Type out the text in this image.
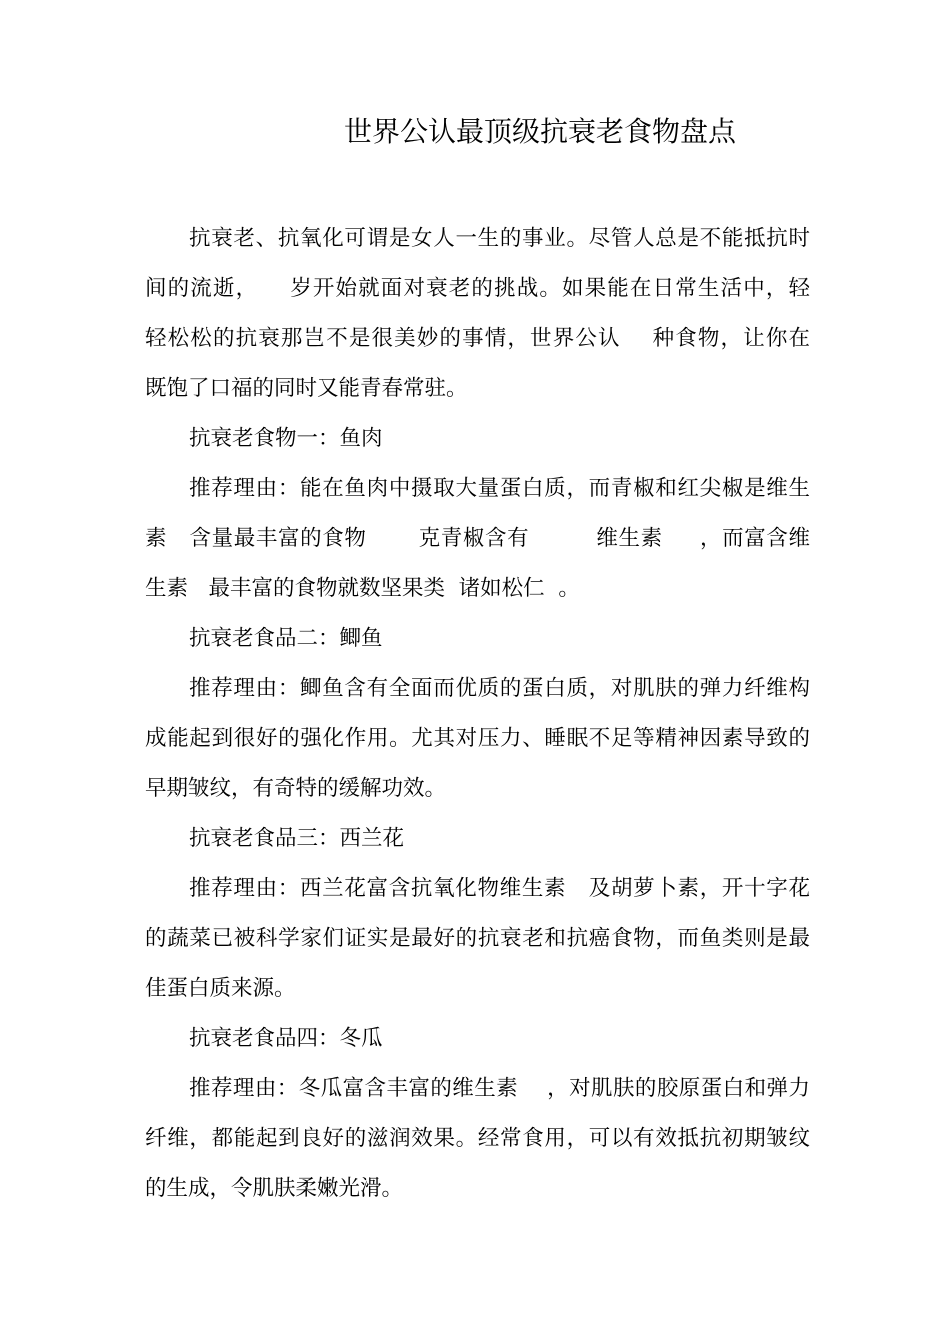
世界公认最顶级抗衰老食物盘点
抗衰老、抗氧化可谓是女人一生的事业。尽管人总是不能抵抗时
间的流逝，    岁开始就面对衰老的挑战。如果能在日常生活中，轻
轻松松的抗衰那岂不是很美妙的事情，世界公认    种食物，让你在
既饱了口福的同时又能青春常驻。
抗衰老食物一：鱼肉
推荐理由：能在鱼肉中摄取大量蛋白质，而青椒和红尖椒是维生
素   含量最丰富的食物       克青椒含有         维生素     ，而富含维
生素   最丰富的食物就数坚果类  诸如松仁  。
抗衰老食品二：鲫鱼
推荐理由：鲫鱼含有全面而优质的蛋白质，对肌肤的弹力纤维构
成能起到很好的强化作用。尤其对压力、睡眠不足等精神因素导致的
早期皱纹，有奇特的缓解功效。
抗衰老食品三：西兰花
推荐理由：西兰花富含抗氧化物维生素   及胡萝卜素，开十字花
的蔬菜已被科学家们证实是最好的抗衰老和抗癌食物，而鱼类则是最
佳蛋白质来源。
抗衰老食品四：冬瓜
推荐理由：冬瓜富含丰富的维生素    ，对肌肤的胶原蛋白和弹力
纤维，都能起到良好的滋润效果。经常食用，可以有效抵抗初期皱纹
的生成，令肌肤柔嫩光滑。
